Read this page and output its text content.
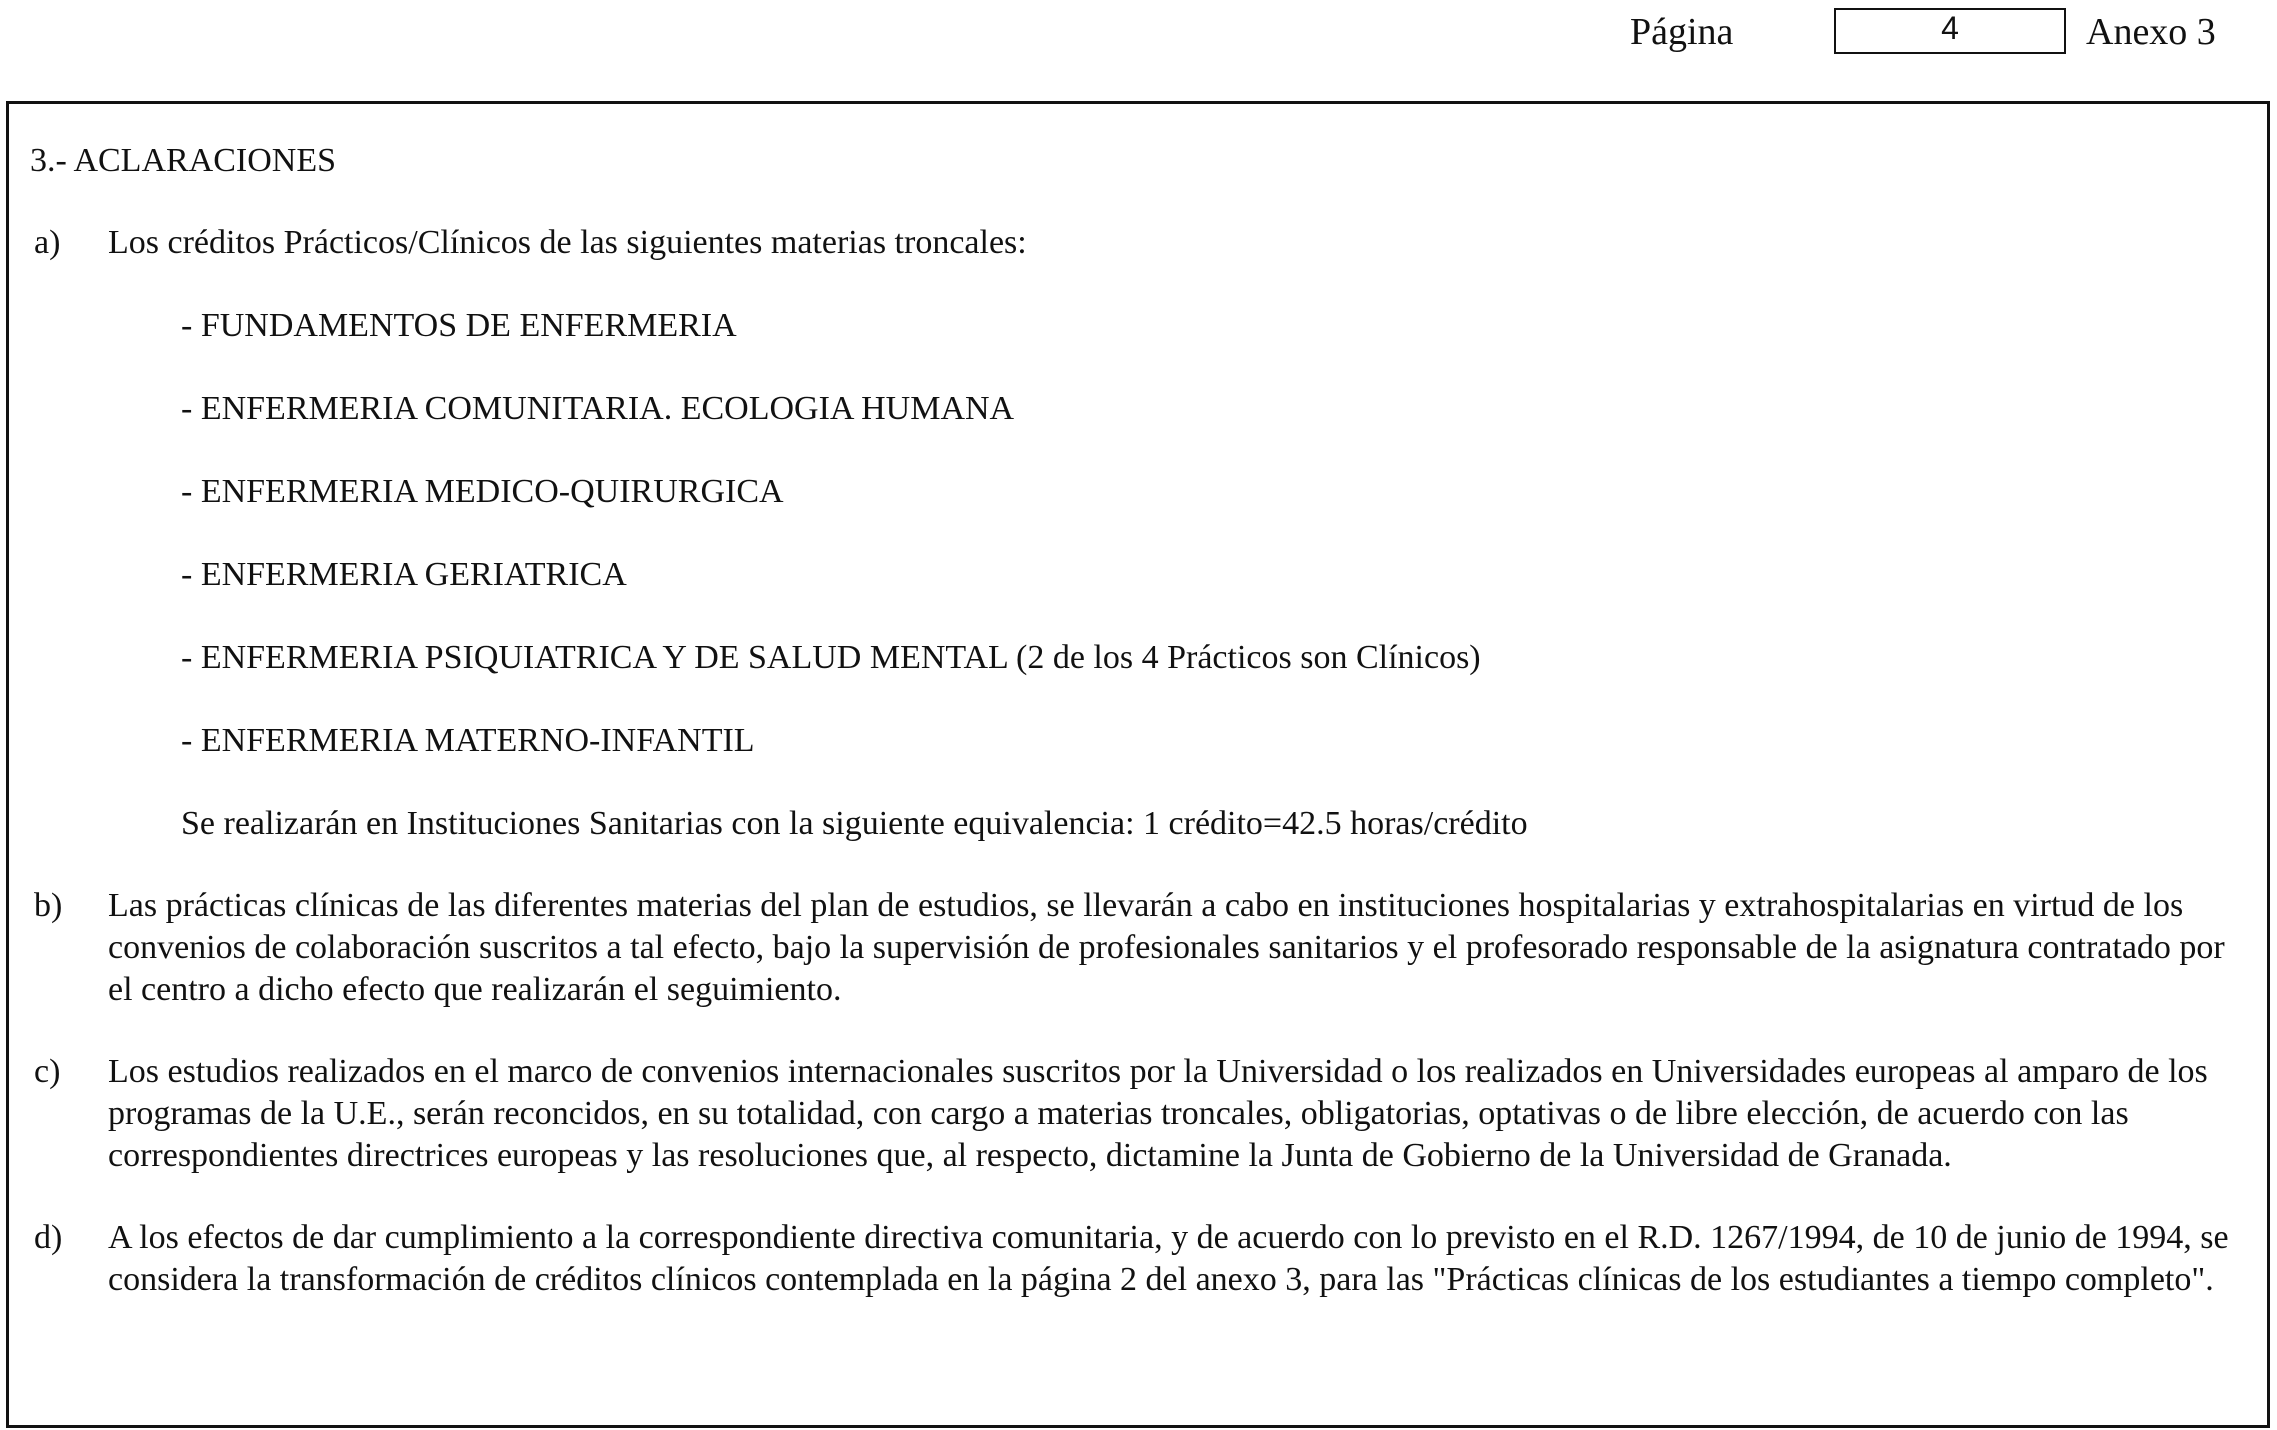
Página	4	Anexo 3
3.- ACLARACIONES
a) Los créditos Prácticos/Clínicos de las siguientes materias troncales:
- FUNDAMENTOS DE ENFERMERIA
- ENFERMERIA COMUNITARIA. ECOLOGIA HUMANA
- ENFERMERIA MEDICO-QUIRURGICA
- ENFERMERIA GERIATRICA
- ENFERMERIA PSIQUIATRICA Y DE SALUD MENTAL (2 de los 4 Prácticos son Clínicos)
- ENFERMERIA MATERNO-INFANTIL
Se realizarán en Instituciones Sanitarias con la siguiente equivalencia: 1 crédito=42.5 horas/crédito
b) Las prácticas clínicas de las diferentes materias del plan de estudios, se llevarán a cabo en instituciones hospitalarias y extrahospitalarias en virtud de los convenios de colaboración suscritos a tal efecto, bajo la supervisión de profesionales sanitarios y el profesorado responsable de la asignatura contratado por el centro a dicho efecto que realizarán el seguimiento.
c) Los estudios realizados en el marco de convenios internacionales suscritos por la Universidad o los realizados en Universidades europeas al amparo de los programas de la U.E., serán reconcidos, en su totalidad, con cargo a materias troncales, obligatorias, optativas o de libre elección, de acuerdo con las correspondientes directrices europeas y las resoluciones que, al respecto, dictamine la Junta de Gobierno de la Universidad de Granada.
d) A los efectos de dar cumplimiento a la correspondiente directiva comunitaria, y de acuerdo con lo previsto en el R.D. 1267/1994, de 10 de junio de 1994, se considera la transformación de créditos clínicos contemplada en la página 2 del anexo 3, para las "Prácticas clínicas de los estudiantes a tiempo completo".
